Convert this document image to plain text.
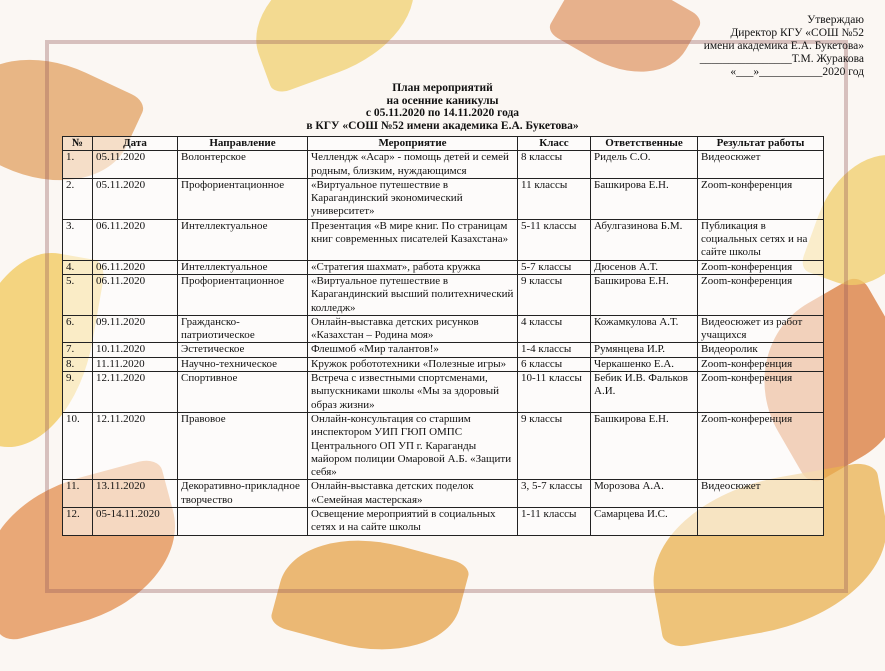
Утверждаю
Директор КГУ «СОШ №52
имени академика Е.А. Букетова»
________________Т.М. Журакова
«___»___________2020 год
План мероприятий
на осенние каникулы
с 05.11.2020 по 14.11.2020 года
в КГУ «СОШ №52 имени академика Е.А. Букетова»
№	Дата	Направление	Мероприятие	Класс	Ответственные	Результат работы
1.	05.11.2020	Волонтерское	Челлендж «Асар» - помощь детей и семей родным, близким, нуждающимся	8 классы	Ридель С.О.	Видеосюжет
2.	05.11.2020	Профориентационное	«Виртуальное путешествие в Карагандинский экономический университет»	11 классы	Башкирова Е.Н.	Zoom-конференция
3.	06.11.2020	Интеллектуальное	Презентация «В мире книг. По страницам книг современных писателей Казахстана»	5-11 классы	Абулгазинова Б.М.	Публикация в социальных сетях и на сайте школы
4.	06.11.2020	Интеллектуальное	«Стратегия шахмат», работа кружка	5-7 классы	Дюсенов А.Т.	Zoom-конференция
5.	06.11.2020	Профориентационное	«Виртуальное путешествие в Карагандинский высший политехнический колледж»	9 классы	Башкирова Е.Н.	Zoom-конференция
6.	09.11.2020	Гражданско-патриотическое	Онлайн-выставка детских рисунков «Казахстан – Родина моя»	4 классы	Кожамкулова А.Т.	Видеосюжет из работ учащихся
7.	10.11.2020	Эстетическое	Флешмоб «Мир талантов!»	1-4 классы	Румянцева И.Р.	Видеоролик
8.	11.11.2020	Научно-техническое	Кружок робототехники «Полезные игры»	6 классы	Черкашенко Е.А.	Zoom-конференция
9.	12.11.2020	Спортивное	Встреча с известными спортсменами, выпускниками школы «Мы за здоровый образ жизни»	10-11 классы	Бебик И.В. Фальков А.И.	Zoom-конференция
10.	12.11.2020	Правовое	Онлайн-консультация со старшим инспектором УИП ГЮП ОМПС Центрального ОП УП г. Караганды майором полиции Омаровой А.Б. «Защити себя»	9 классы	Башкирова Е.Н.	Zoom-конференция
11.	13.11.2020	Декоративно-прикладное творчество	Онлайн-выставка детских поделок «Семейная мастерская»	3, 5-7 классы	Морозова А.А.	Видеосюжет
12.	05-14.11.2020		Освещение мероприятий в социальных сетях и на сайте школы	1-11 классы	Самарцева И.С.	
